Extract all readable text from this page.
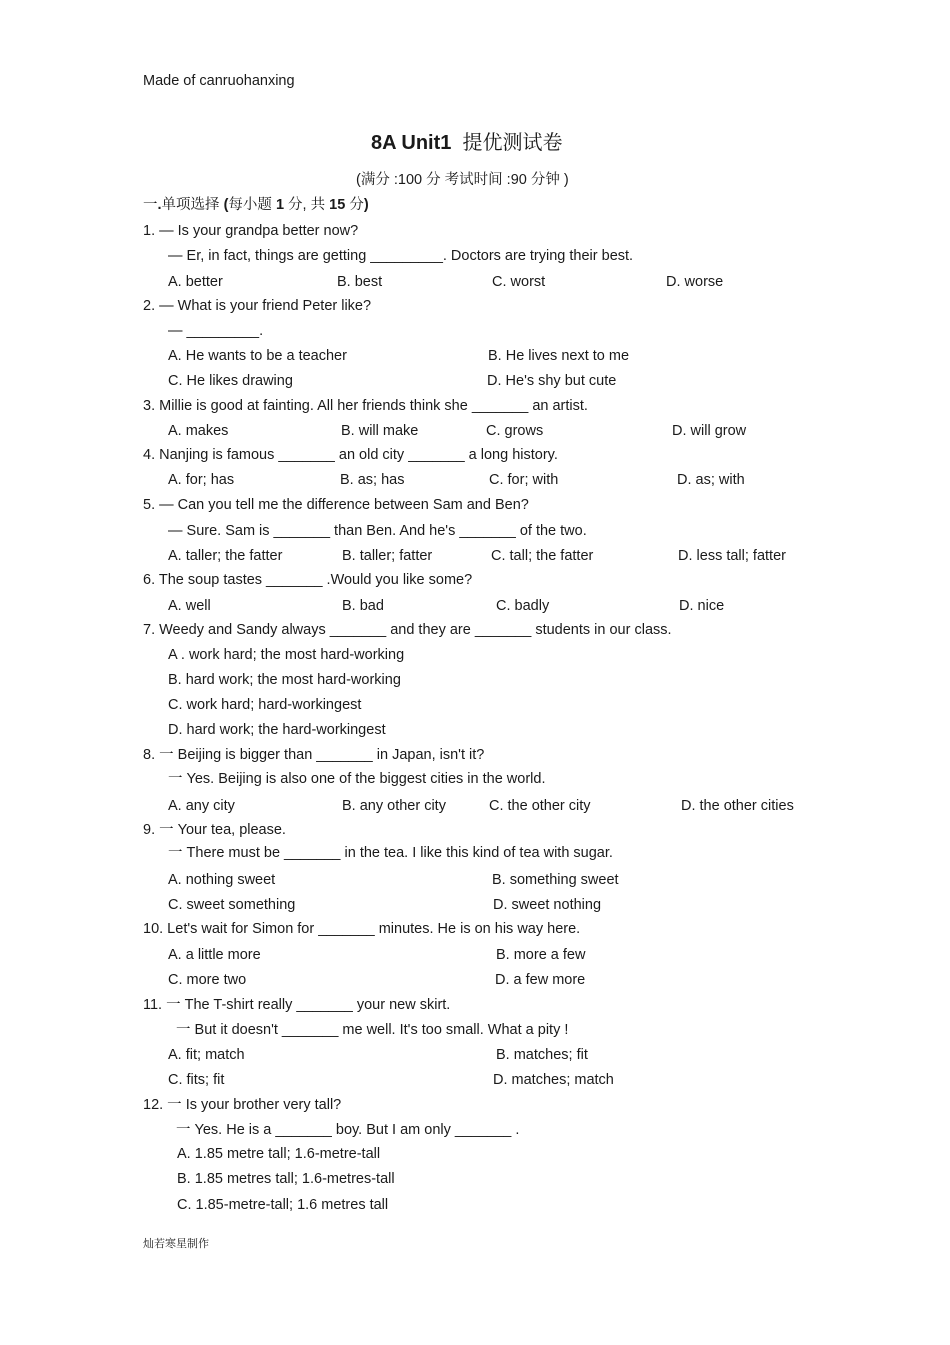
Made of canruohanxing
8A Unit1 提优测试卷
(满分 :100 分 考试时间 :90 分钟 )
一.单项选择 (每小题 1 分, 共 15 分)
1. — Is your grandpa better now?
— Er, in fact, things are getting _________. Doctors are trying their best.
A. better	B. best	C. worst	D. worse
2. — What is your friend Peter like?
— _________.
A. He wants to be a teacher	B. He lives next to me
C. He likes drawing	D. He's shy but cute
3. Millie is good at fainting. All her friends think she _______ an artist.
A. makes	B. will make	C. grows	D. will grow
4. Nanjing is famous _______ an old city _______ a long history.
A. for; has	B. as; has	C. for; with	D. as; with
5. — Can you tell me the difference between Sam and Ben?
— Sure. Sam is _______ than Ben. And he's _______ of the two.
A. taller; the fatter	B. taller; fatter	C. tall; the fatter	D. less tall; fatter
6. The soup tastes _______ .Would you like some?
A. well	B. bad	C. badly	D. nice
7. Weedy and Sandy always _______ and they are _______ students in our class.
A . work hard; the most hard-working
B. hard work; the most hard-working
C. work hard; hard-workingest
D. hard work; the hard-workingest
8. 一 Beijing is bigger than _______ in Japan, isn't it?
一 Yes. Beijing is also one of the biggest cities in the world.
A. any city	B. any other city	C. the other city	D. the other cities
9. 一 Your tea, please.
一 There must be _______ in the tea. I like this kind of tea with sugar.
A. nothing sweet	B. something sweet
C. sweet something	D. sweet nothing
10. Let's wait for Simon for _______ minutes. He is on his way here.
A. a little more	B. more a few
C. more two	D. a few more
11. 一 The T-shirt really _______ your new skirt.
一 But it doesn't _______ me well. It's too small. What a pity !
A. fit; match	B. matches; fit
C. fits; fit	D. matches; match
12. 一 Is your brother very tall?
一 Yes. He is a _______ boy. But I am only _______ .
A. 1.85 metre tall; 1.6-metre-tall
B. 1.85 metres tall; 1.6-metres-tall
C. 1.85-metre-tall; 1.6 metres tall
灿若寒星制作
